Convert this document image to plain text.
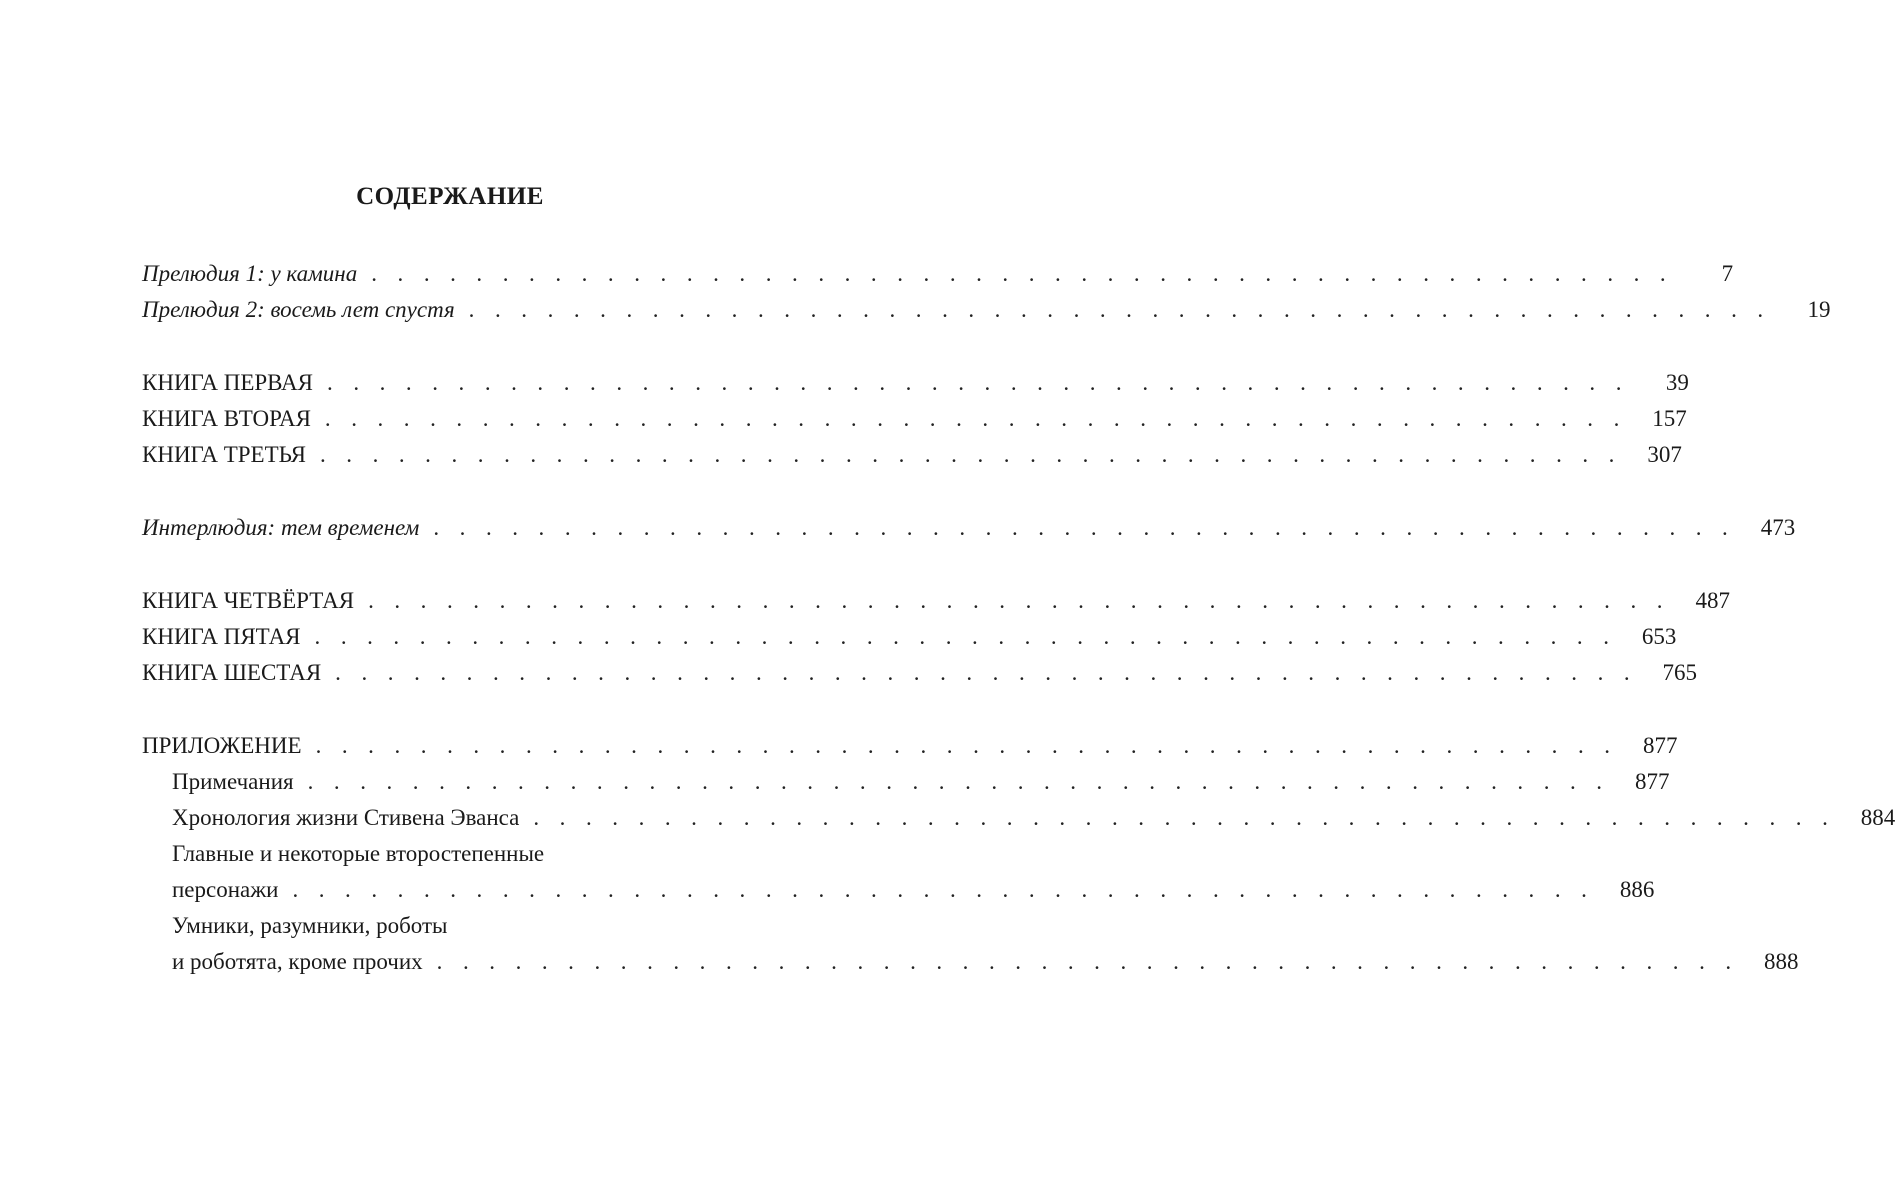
СОДЕРЖАНИЕ
Прелюдия 1: у камина . . . . . . . . . . . . . . . . . . . . . . . . . . . . . . . . . . . . . . . . . . . . . . . . . .	7
Прелюдия 2: восемь лет спустя . . . . . . . . . . . . . . . . . . . . . . . . . . . . . . . . . . . . . . . . . . . . . . . . . .	19
КНИГА ПЕРВАЯ . . . . . . . . . . . . . . . . . . . . . . . . . . . . . . . . . . . . . . . . . . . . . . . . . .	39
КНИГА ВТОРАЯ . . . . . . . . . . . . . . . . . . . . . . . . . . . . . . . . . . . . . . . . . . . . . . . . . .	157
КНИГА ТРЕТЬЯ . . . . . . . . . . . . . . . . . . . . . . . . . . . . . . . . . . . . . . . . . . . . . . . . . .	307
Интерлюдия: тем временем . . . . . . . . . . . . . . . . . . . . . . . . . . . . . . . . . . . . . . . . . . . . . . . . . .	473
КНИГА ЧЕТВЁРТАЯ . . . . . . . . . . . . . . . . . . . . . . . . . . . . . . . . . . . . . . . . . . . . . . . . . .	487
КНИГА ПЯТАЯ . . . . . . . . . . . . . . . . . . . . . . . . . . . . . . . . . . . . . . . . . . . . . . . . . .	653
КНИГА ШЕСТАЯ . . . . . . . . . . . . . . . . . . . . . . . . . . . . . . . . . . . . . . . . . . . . . . . . . .	765
ПРИЛОЖЕНИЕ . . . . . . . . . . . . . . . . . . . . . . . . . . . . . . . . . . . . . . . . . . . . . . . . . .	877
Примечания . . . . . . . . . . . . . . . . . . . . . . . . . . . . . . . . . . . . . . . . . . . . . . . . . .	877
Хронология жизни Стивена Эванса . . . . . . . . . . . . . . . . . . . . . . . . . . . . . . . . . . . . . . . . . . . . . . . . . .	884
Главные и некоторые второстепенные
персонажи . . . . . . . . . . . . . . . . . . . . . . . . . . . . . . . . . . . . . . . . . . . . . . . . . .	886
Умники, разумники, роботы
и роботята, кроме прочих . . . . . . . . . . . . . . . . . . . . . . . . . . . . . . . . . . . . . . . . . . . . . . . . . .	888
